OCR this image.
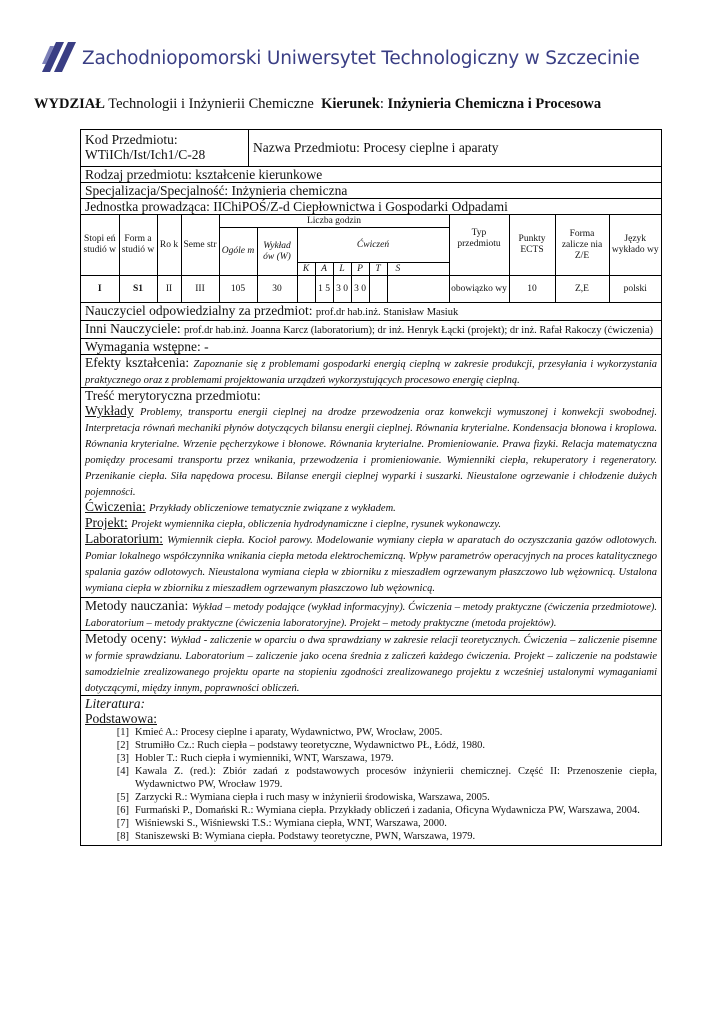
Zachodniopomorski Uniwersytet Technologiczny w Szczecinie
WYDZIAŁ Technologii i Inżynierii Chemiczne Kierunek: Inżynieria Chemiczna i Procesowa
Kod Przedmiotu:
WTiICh/Ist/Ich1/C-28	Nazwa Przedmiotu: Procesy cieplne i aparaty
Rodzaj przedmiotu: kształcenie kierunkowe
Specjalizacja/Specjalność: Inżynieria chemiczna
Jednostka prowadząca: IIChiPOŚ/Z-d Ciepłownictwa i Gospodarki Odpadami
Stopi eń studió w	Form a studió w	Ro k	Seme str	Liczba godzin								Typ przedmiotu	Punkty ECTS	Forma zalicze nia Z/E	Język wykłado wy
				Ogóle m	Wykład ów (W)	Ćwiczeń									
						K	A	L	P	T	S				
I	S1	II	III	105	30		1 5	3 0	3 0			obowiązko wy	10	Z,E	polski
Nauczyciel odpowiedzialny za przedmiot: prof.dr hab.inż. Stanisław Masiuk
Inni Nauczyciele: prof.dr hab.inż. Joanna Karcz (laboratorium); dr inż. Henryk Łącki (projekt); dr inż. Rafał Rakoczy (ćwiczenia)
Wymagania wstępne: -
Efekty kształcenia: Zapoznanie się z problemami gospodarki energią cieplną w zakresie produkcji, przesyłania i wykorzystania praktycznego oraz z problemami projektowania urządzeń wykorzystujących procesowo energię cieplną.
Treść merytoryczna przedmiotu:
Wykłady Problemy, transportu energii cieplnej na drodze przewodzenia oraz konwekcji wymuszonej i konwekcji swobodnej. Interpretacja równań mechaniki płynów dotyczących bilansu energii cieplnej. Równania kryterialne. Kondensacja błonowa i kroplowa. Równania kryterialne. Wrzenie pęcherzykowe i błonowe. Równania kryterialne. Promieniowanie. Prawa fizyki. Relacja matematyczna pomiędzy procesami transportu przez wnikania, przewodzenia i promieniowanie. Wymienniki ciepła, rekuperatory i regeneratory. Przenikanie ciepła. Siła napędowa procesu. Bilanse energii cieplnej wyparki i suszarki. Nieustalone ogrzewanie i chłodzenie dużych pojemności.
Ćwiczenia: Przykłady obliczeniowe tematycznie związane z wykładem.
Projekt: Projekt wymiennika ciepła, obliczenia hydrodynamiczne i cieplne, rysunek wykonawczy.
Laboratorium: Wymiennik ciepła. Kocioł parowy. Modelowanie wymiany ciepła w aparatach do oczyszczania gazów odlotowych. Pomiar lokalnego współczynnika wnikania ciepła metoda elektrochemiczną. Wpływ parametrów operacyjnych na proces katalitycznego spalania gazów odlotowych. Nieustalona wymiana ciepła w zbiorniku z mieszadłem ogrzewanym płaszczowo lub wężownicą. Ustalona wymiana ciepła w zbiorniku z mieszadłem ogrzewanym płaszczowo lub wężownicą.
Metody nauczania: Wykład – metody podające (wykład informacyjny). Ćwiczenia – metody praktyczne (ćwiczenia przedmiotowe). Laboratorium – metody praktyczne (ćwiczenia laboratoryjne). Projekt – metody praktyczne (metoda projektów).
Metody oceny: Wykład - zaliczenie w oparciu o dwa sprawdziany w zakresie relacji teoretycznych. Ćwiczenia – zaliczenie pisemne w formie sprawdzianu. Laboratorium – zaliczenie jako ocena średnia z zaliczeń każdego ćwiczenia. Projekt – zaliczenie na podstawie samodzielnie zrealizowanego projektu oparte na stopieniu zgodności zrealizowanego projektu z wcześniej ustalonymi wymaganiami dotyczącymi, między innym, poprawności obliczeń.
Literatura:
Podstawowa:
[1] Kmieć A.: Procesy cieplne i aparaty, Wydawnictwo, PW, Wrocław, 2005.
[2] Strumiłło Cz.: Ruch ciepła – podstawy teoretyczne, Wydawnictwo PŁ, Łódź, 1980.
[3] Hobler T.: Ruch ciepła i wymienniki, WNT, Warszawa, 1979.
[4] Kawala Z. (red.): Zbiór zadań z podstawowych procesów inżynierii chemicznej. Część II: Przenoszenie ciepła, Wydawnictwo PW, Wrocław 1979.
[5] Zarzycki R.: Wymiana ciepła i ruch masy w inżynierii środowiska, Warszawa, 2005.
[6] Furmański P., Domański R.: Wymiana ciepła. Przykłady obliczeń i zadania, Oficyna Wydawnicza PW, Warszawa, 2004.
[7] Wiśniewski S., Wiśniewski T.S.: Wymiana ciepła, WNT, Warszawa, 2000.
[8] Staniszewski B: Wymiana ciepła. Podstawy teoretyczne, PWN, Warszawa, 1979.
